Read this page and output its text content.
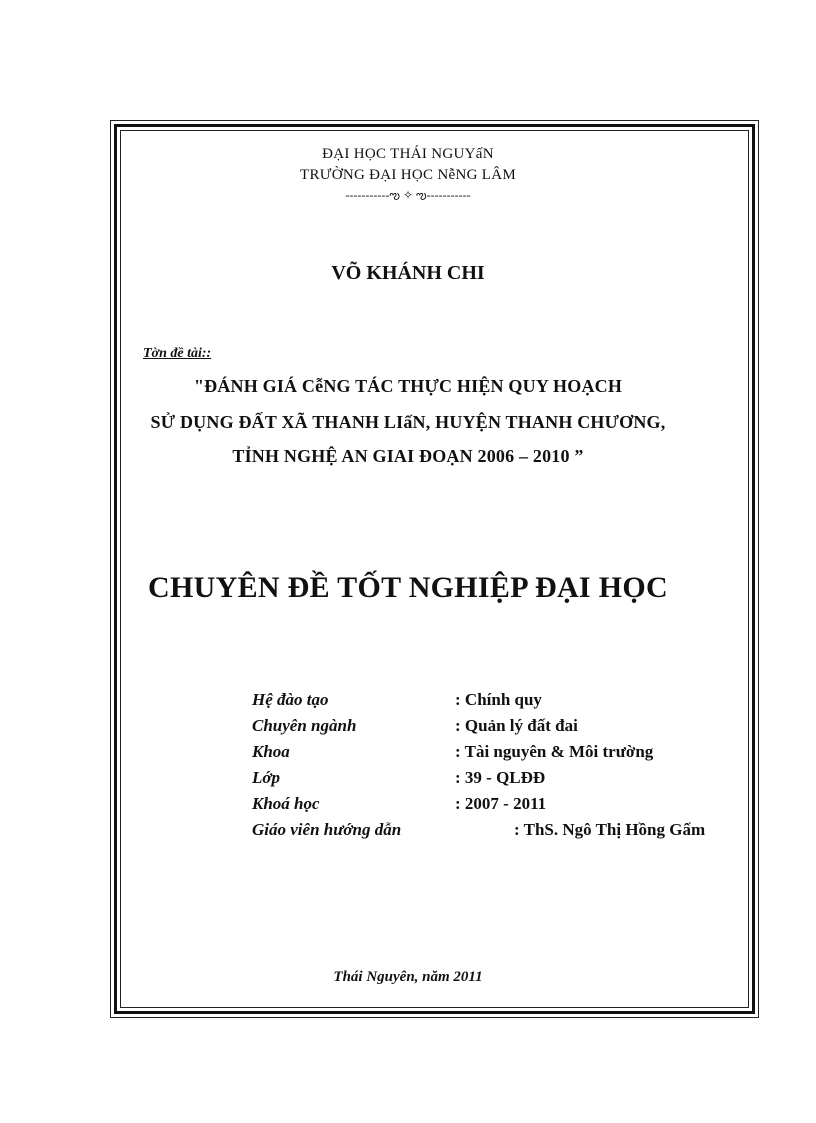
ĐẠI HỌC THÁI NGUYấN
TRƯỜNG ĐẠI HỌC NễNG LÂM
-----------ఌ ✧ ఌ-----------
VÕ KHÁNH CHI
Tờn đề tài::
"ĐÁNH GIÁ CễNG TÁC THỰC HIỆN QUY HOẠCH
SỬ DỤNG ĐẤT XÃ THANH LIấN, HUYỆN THANH CHƯƠNG,
TỈNH NGHỆ AN GIAI ĐOẠN 2006 – 2010 ”
CHUYÊN ĐỀ TỐT NGHIỆP ĐẠI HỌC
Hệ đào tạo	: Chính quy
Chuyên ngành	: Quản lý đất đai
Khoa	: Tài nguyên & Môi trường
Lớp	: 39 - QLĐĐ
Khoá học	: 2007 - 2011
Giáo viên hướng dẫn	: ThS. Ngô Thị Hồng Gấm
Thái Nguyên, năm 2011
